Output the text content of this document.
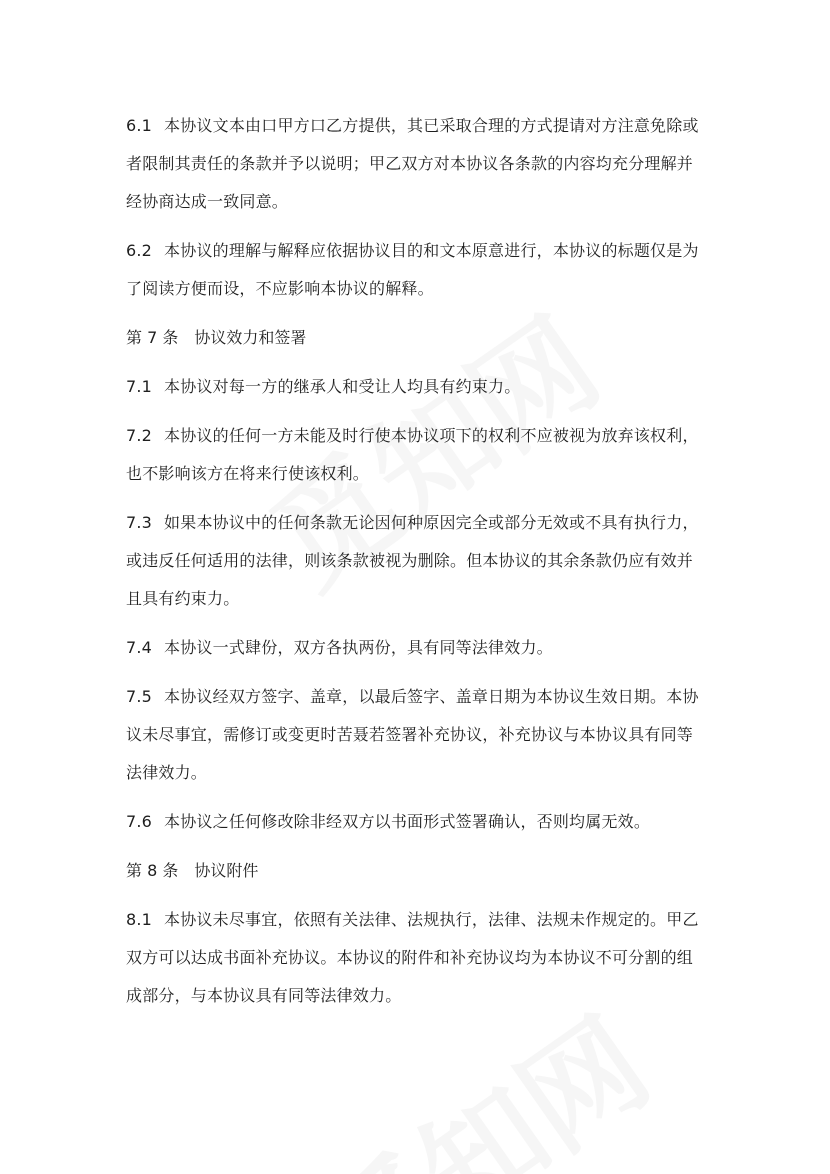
6.1 本协议文本由口甲方口乙方提供，其已采取合理的方式提请对方注意免除或者限制其责任的条款并予以说明；甲乙双方对本协议各条款的内容均充分理解并经协商达成一致同意。

6.2 本协议的理解与解释应依据协议目的和文本原意进行，本协议的标题仅是为了阅读方便而设，不应影响本协议的解释。

第 7 条 协议效力和签署

7.1 本协议对每一方的继承人和受让人均具有约束力。

7.2 本协议的任何一方未能及时行使本协议项下的权利不应被视为放弃该权利，也不影响该方在将来行使该权利。

7.3 如果本协议中的任何条款无论因何种原因完全或部分无效或不具有执行力，或违反任何适用的法律，则该条款被视为删除。但本协议的其余条款仍应有效并且具有约束力。

7.4 本协议一式肆份，双方各执两份，具有同等法律效力。

7.5 本协议经双方签字、盖章，以最后签字、盖章日期为本协议生效日期。本协议未尽事宜，需修订或变更时苦聂若签署补充协议，补充协议与本协议具有同等法律效力。

7.6 本协议之任何修改除非经双方以书面形式签署确认，否则均属无效。

第 8 条 协议附件

8.1 本协议未尽事宜，依照有关法律、法规执行，法律、法规未作规定的。甲乙双方可以达成书面补充协议。本协议的附件和补充协议均为本协议不可分割的组成部分，与本协议具有同等法律效力。
